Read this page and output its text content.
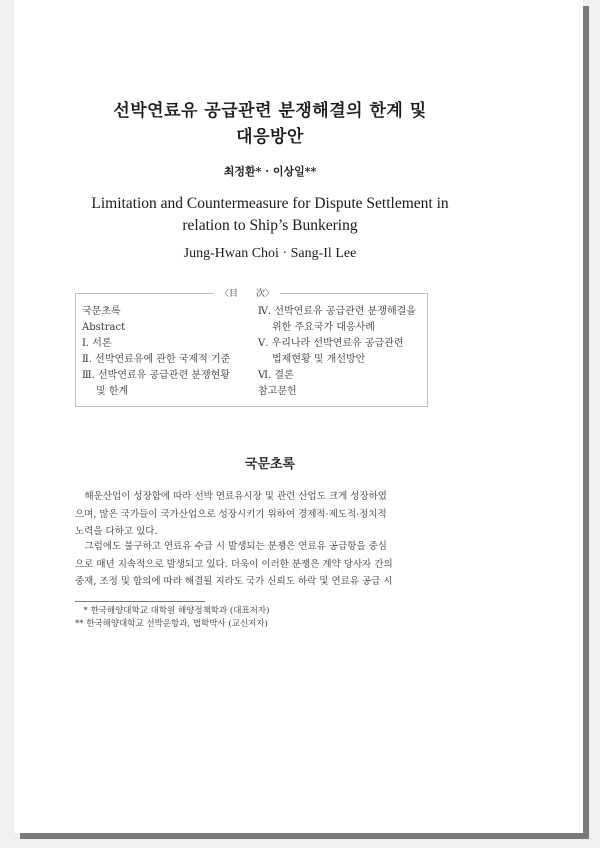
선박연료유 공급관련 분쟁해결의 한계 및
대응방안
최정환* · 이상일**
Limitation and Countermeasure for Dispute Settlement in
relation to Ship’s Bunkering
Jung-Hwan Choi · Sang-Il Lee
〈目　　次〉
국문초록
Abstract
Ⅰ. 서론
Ⅱ. 선박연료유에 관한 국제적 기준
Ⅲ. 선박연료유 공급관련 분쟁현황
및 한계
Ⅳ. 선박연료유 공급관련 분쟁해결을
위한 주요국가 대응사례
Ⅴ. 우리나라 선박연료유 공급관련
법제현황 및 개선방안
Ⅵ. 결론
참고문헌
국문초록
　해운산업이 성장함에 따라 선박 연료유시장 및 관련 산업도 크게 성장하였
으며, 많은 국가들이 국가산업으로 성장시키기 위하여 경제적·제도적·정치적
노력을 다하고 있다.
　그럼에도 불구하고 연료유 수급 시 발생되는 분쟁은 연료유 공급항을 중심
으로 매년 지속적으로 발생되고 있다. 더욱이 이러한 분쟁은 계약 당사자 간의
중재, 조정 및 합의에 따라 해결될 지라도 국가 신뢰도 하락 및 연료유 공급 시
　* 한국해양대학교 대학원 해양정책학과 (대표저자)
** 한국해양대학교 선박운항과, 법학박사 (교신저자)
